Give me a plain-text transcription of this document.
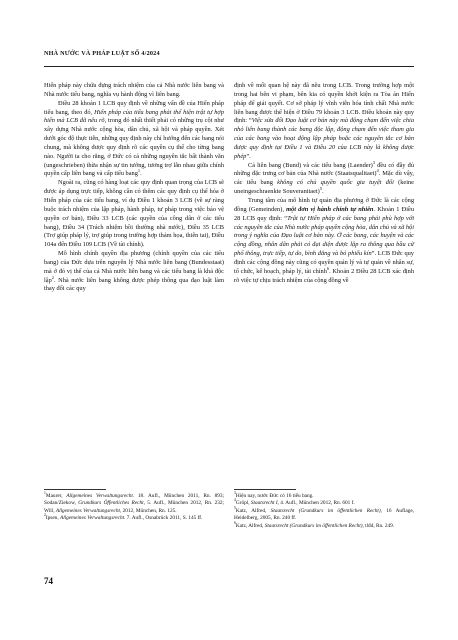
NHÀ NƯỚC VÀ PHÁP LUẬT SỐ 4/2024

Hiến pháp này chứa đựng trách nhiệm của cả Nhà nước liên bang và Nhà nước tiểu bang, nghĩa vụ hành động vì liên bang.

Điều 28 khoản 1 LCB quy định về những vấn đề của Hiến pháp tiểu bang, theo đó, Hiến pháp của tiểu bang phải thể hiện trật tự hợp hiến mà LCB đã nêu rõ, trong đó nhất thiết phải có những trụ cột như xây dựng Nhà nước cộng hòa, dân chủ, xã hội và pháp quyền. Xét dưới góc độ thực tiễn, những quy định này chỉ hướng đến các bang nói chung, mà không được quy định rõ các quyền cụ thể cho từng bang nào. Người ta cho rằng, ở Đức có cả những nguyên tắc bất thành văn (ungeschrieben) thừa nhận sự tin tưởng, tương trợ lẫn nhau giữa chính quyền cấp liên bang và cấp tiểu bang$^1$.

Ngoài ra, cũng có hàng loạt các quy định quan trọng của LCB sẽ được áp dụng trực tiếp, không cần có thêm các quy định cụ thể hóa ở Hiến pháp của các tiểu bang, ví dụ Điều 1 khoản 3 LCB (về sự ràng buộc trách nhiệm của lập pháp, hành pháp, tư pháp trong việc bảo vệ quyền cơ bản), Điều 33 LCB (các quyền của công dân ở các tiểu bang), Điều 34 (Trách nhiệm bồi thường nhà nước), Điều 35 LCB (Trợ giúp pháp lý, trợ giúp trong trường hợp thảm họa, thiên tai), Điều 104a đến Điều 109 LCB (Về tài chính).

Mô hình chính quyền địa phương (chính quyền của các tiểu bang) của Đức dựa trên nguyên lý Nhà nước liên bang (Bundesstaat) mà ở đó vị thế của cả Nhà nước liên bang và các tiểu bang là khả độc lập$^2$. Nhà nước liên bang không được phép thông qua đạo luật làm thay đổi các quy

định về mối quan hệ này đã nêu trong LCB. Trong trường hợp một trong hai bên vi phạm, bên kia có quyền khởi kiện ra Tòa án Hiến pháp để giải quyết. Cơ sở pháp lý vĩnh viễn hóa tính chất Nhà nước liên bang được thể hiện ở Điều 79 khoản 3 LCB. Điều khoản này quy định: “Việc sửa đổi Đạo luật cơ bản này mà động chạm đến việc chia nhỏ liên bang thành các bang độc lập, động chạm đến việc tham gia của các bang vào hoạt động lập pháp hoặc các nguyên tắc cơ bản được quy định tại Điều 1 và Điều 20 của LCB này là không được phép”.

Cả liên bang (Bund) và các tiểu bang (Laender)$^3$ đều có đầy đủ những đặc trưng cơ bản của Nhà nước (Staatsqualitaet)$^4$. Mặc dù vậy, các tiểu bang không có chủ quyền quốc gia tuyệt đối (keine uneingeschraenkte Souveranitaet)$^5$.

Trung tâm của mô hình tự quản địa phương ở Đức là các cộng đồng (Gemeinden), một đơn vị hành chính tự nhiên. Khoản 1 Điều 28 LCB quy định: “Trật tự Hiến pháp ở các bang phải phù hợp với các nguyên tắc của Nhà nước pháp quyền cộng hòa, dân chủ và xã hội trong ý nghĩa của Đạo luật cơ bản này. Ở các bang, các huyện và các cộng đồng, nhân dân phải có đại diện được lập ra thông qua bầu cử phổ thông, trực tiếp, tự do, bình đẳng và bỏ phiếu kín”. LCB Đức quy định các cộng đồng này cũng có quyền quản lý và tự quản về nhân sự, tổ chức, kế hoạch, pháp lý, tài chính$^6$. Khoản 2 Điều 28 LCB xác định rõ việc tự chịu trách nhiệm của cộng đồng về

$^1$Maurer, Allgemeines Verwaltungsrecht. 18. Aufl., München 2011, Rn. 893; Sodan/Ziekow, Grundkurs Öffentliches Recht, 5. Aufl., München 2012, Rn. 232; Will, Allgemeines Verwaltungsrecht, 2012, München, Rn. 125.

$^2$Ipsen, Allgemeines Verwaltungsrecht. 7. Aufl., Osnabrück 2011, S. 145 ff.

$^3$Hiện nay, nước Đức có 16 tiểu bang.

$^4$Gröpl, Staatsrecht I, 4. Aufl., München 2012, Rn. 601 f.

$^5$Katz, Alfred, Staatsrecht (Grundkurs im öffentlichen Recht), 16 Auflage, Heidelberg, 2005, Rn. 240 ff.

$^6$Katz, Alfred, Staatsrecht (Grundkurs im öffentlichen Recht), tlđd, Rn. 249.

74
